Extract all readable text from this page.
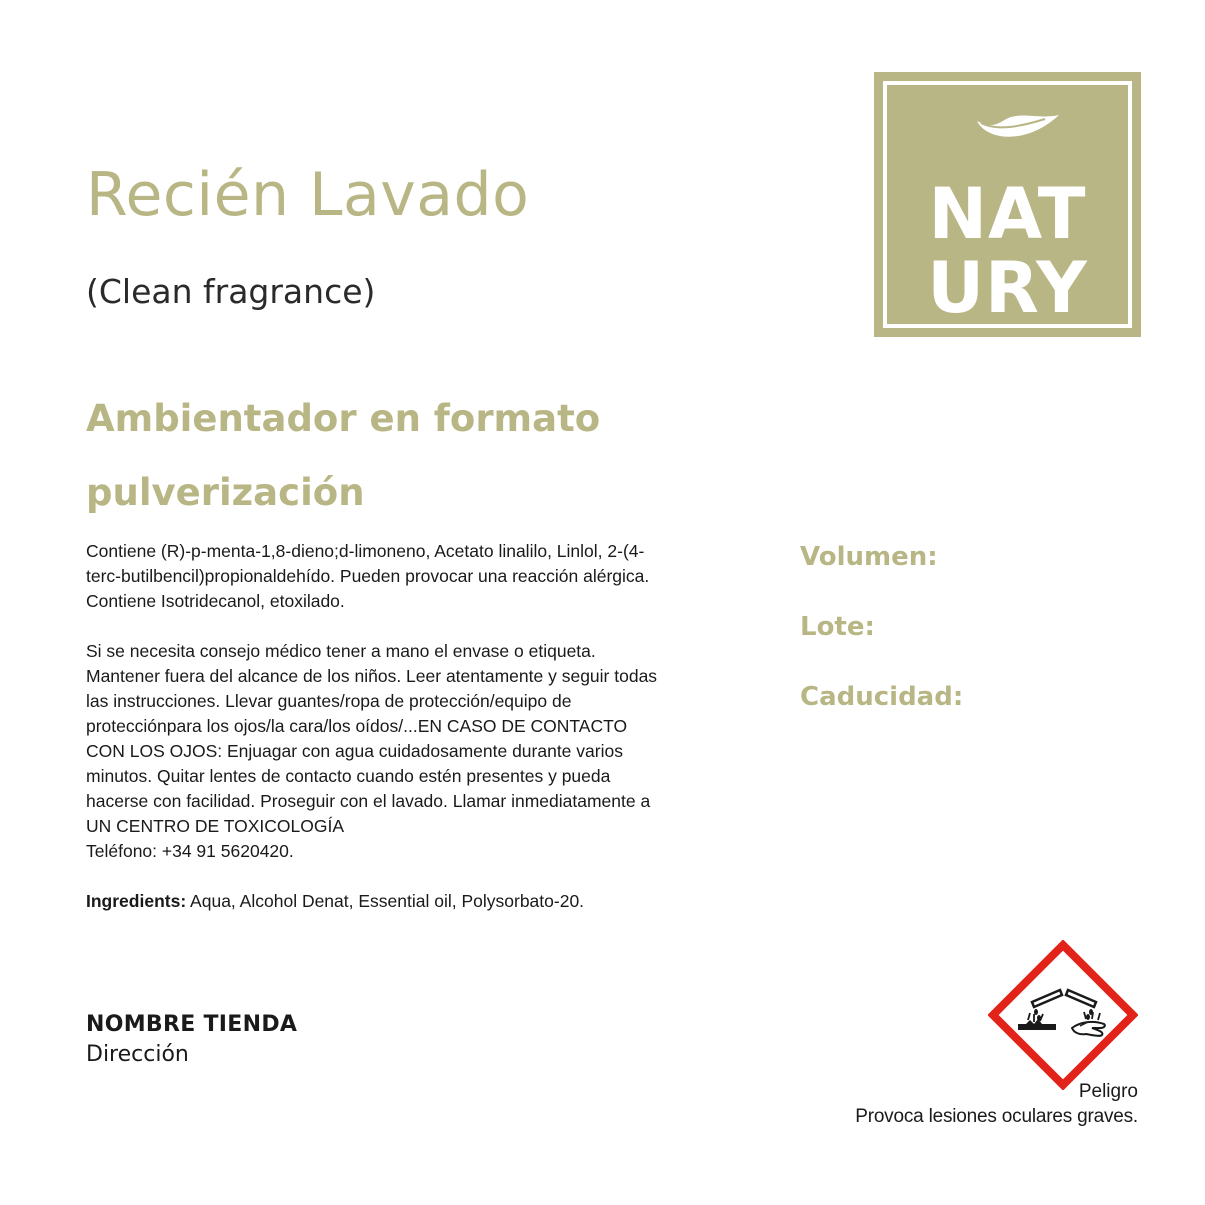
Recién Lavado
(Clean fragrance)
Ambientador en formato pulverización

Contiene (R)-p-menta-1,8-dieno;d-limoneno, Acetato linalilo, Linlol, 2-(4-terc-butilbencil)propionaldehído. Pueden provocar una reacción alérgica. Contiene Isotridecanol, etoxilado.

Si se necesita consejo médico tener a mano el envase o etiqueta. Mantener fuera del alcance de los niños. Leer atentamente y seguir todas las instrucciones. Llevar guantes/ropa de protección/equipo de protecciónpara los ojos/la cara/los oídos/...EN CASO DE CONTACTO CON LOS OJOS: Enjuagar con agua cuidadosamente durante varios minutos. Quitar lentes de contacto cuando estén presentes y pueda hacerse con facilidad. Proseguir con el lavado. Llamar inmediatamente a UN CENTRO DE TOXICOLOGÍA
Teléfono: +34 91 5620420.

Ingredients: Aqua, Alcohol Denat, Essential oil, Polysorbato-20.

NOMBRE TIENDA
Dirección
NAT
URY
Volumen:
Lote:
Caducidad:
Peligro
Provoca lesiones oculares graves.
